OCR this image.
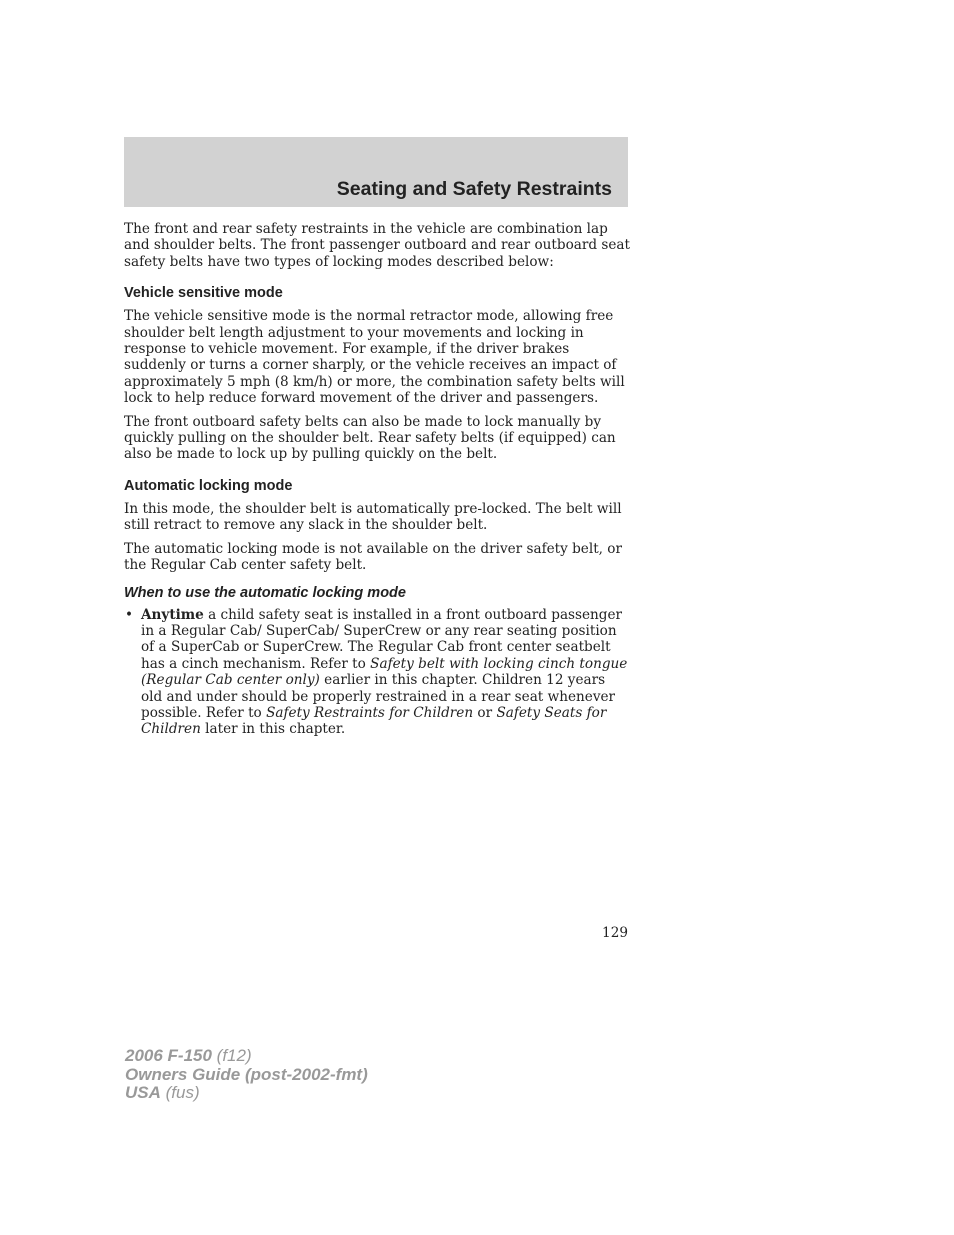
Seating and Safety Restraints

The front and rear safety restraints in the vehicle are combination lap and shoulder belts. The front passenger outboard and rear outboard seat safety belts have two types of locking modes described below:

Vehicle sensitive mode

The vehicle sensitive mode is the normal retractor mode, allowing free shoulder belt length adjustment to your movements and locking in response to vehicle movement. For example, if the driver brakes suddenly or turns a corner sharply, or the vehicle receives an impact of approximately 5 mph (8 km/h) or more, the combination safety belts will lock to help reduce forward movement of the driver and passengers.

The front outboard safety belts can also be made to lock manually by quickly pulling on the shoulder belt. Rear safety belts (if equipped) can also be made to lock up by pulling quickly on the belt.

Automatic locking mode

In this mode, the shoulder belt is automatically pre-locked. The belt will still retract to remove any slack in the shoulder belt.

The automatic locking mode is not available on the driver safety belt, or the Regular Cab center safety belt.

When to use the automatic locking mode
• Anytime a child safety seat is installed in a front outboard passenger in a Regular Cab/ SuperCab/ SuperCrew or any rear seating position of a SuperCab or SuperCrew. The Regular Cab front center seatbelt has a cinch mechanism. Refer to Safety belt with locking cinch tongue (Regular Cab center only) earlier in this chapter. Children 12 years old and under should be properly restrained in a rear seat whenever possible. Refer to Safety Restraints for Children or Safety Seats for Children later in this chapter.
129
2006 F-150 (f12)
Owners Guide (post-2002-fmt)
USA (fus)
